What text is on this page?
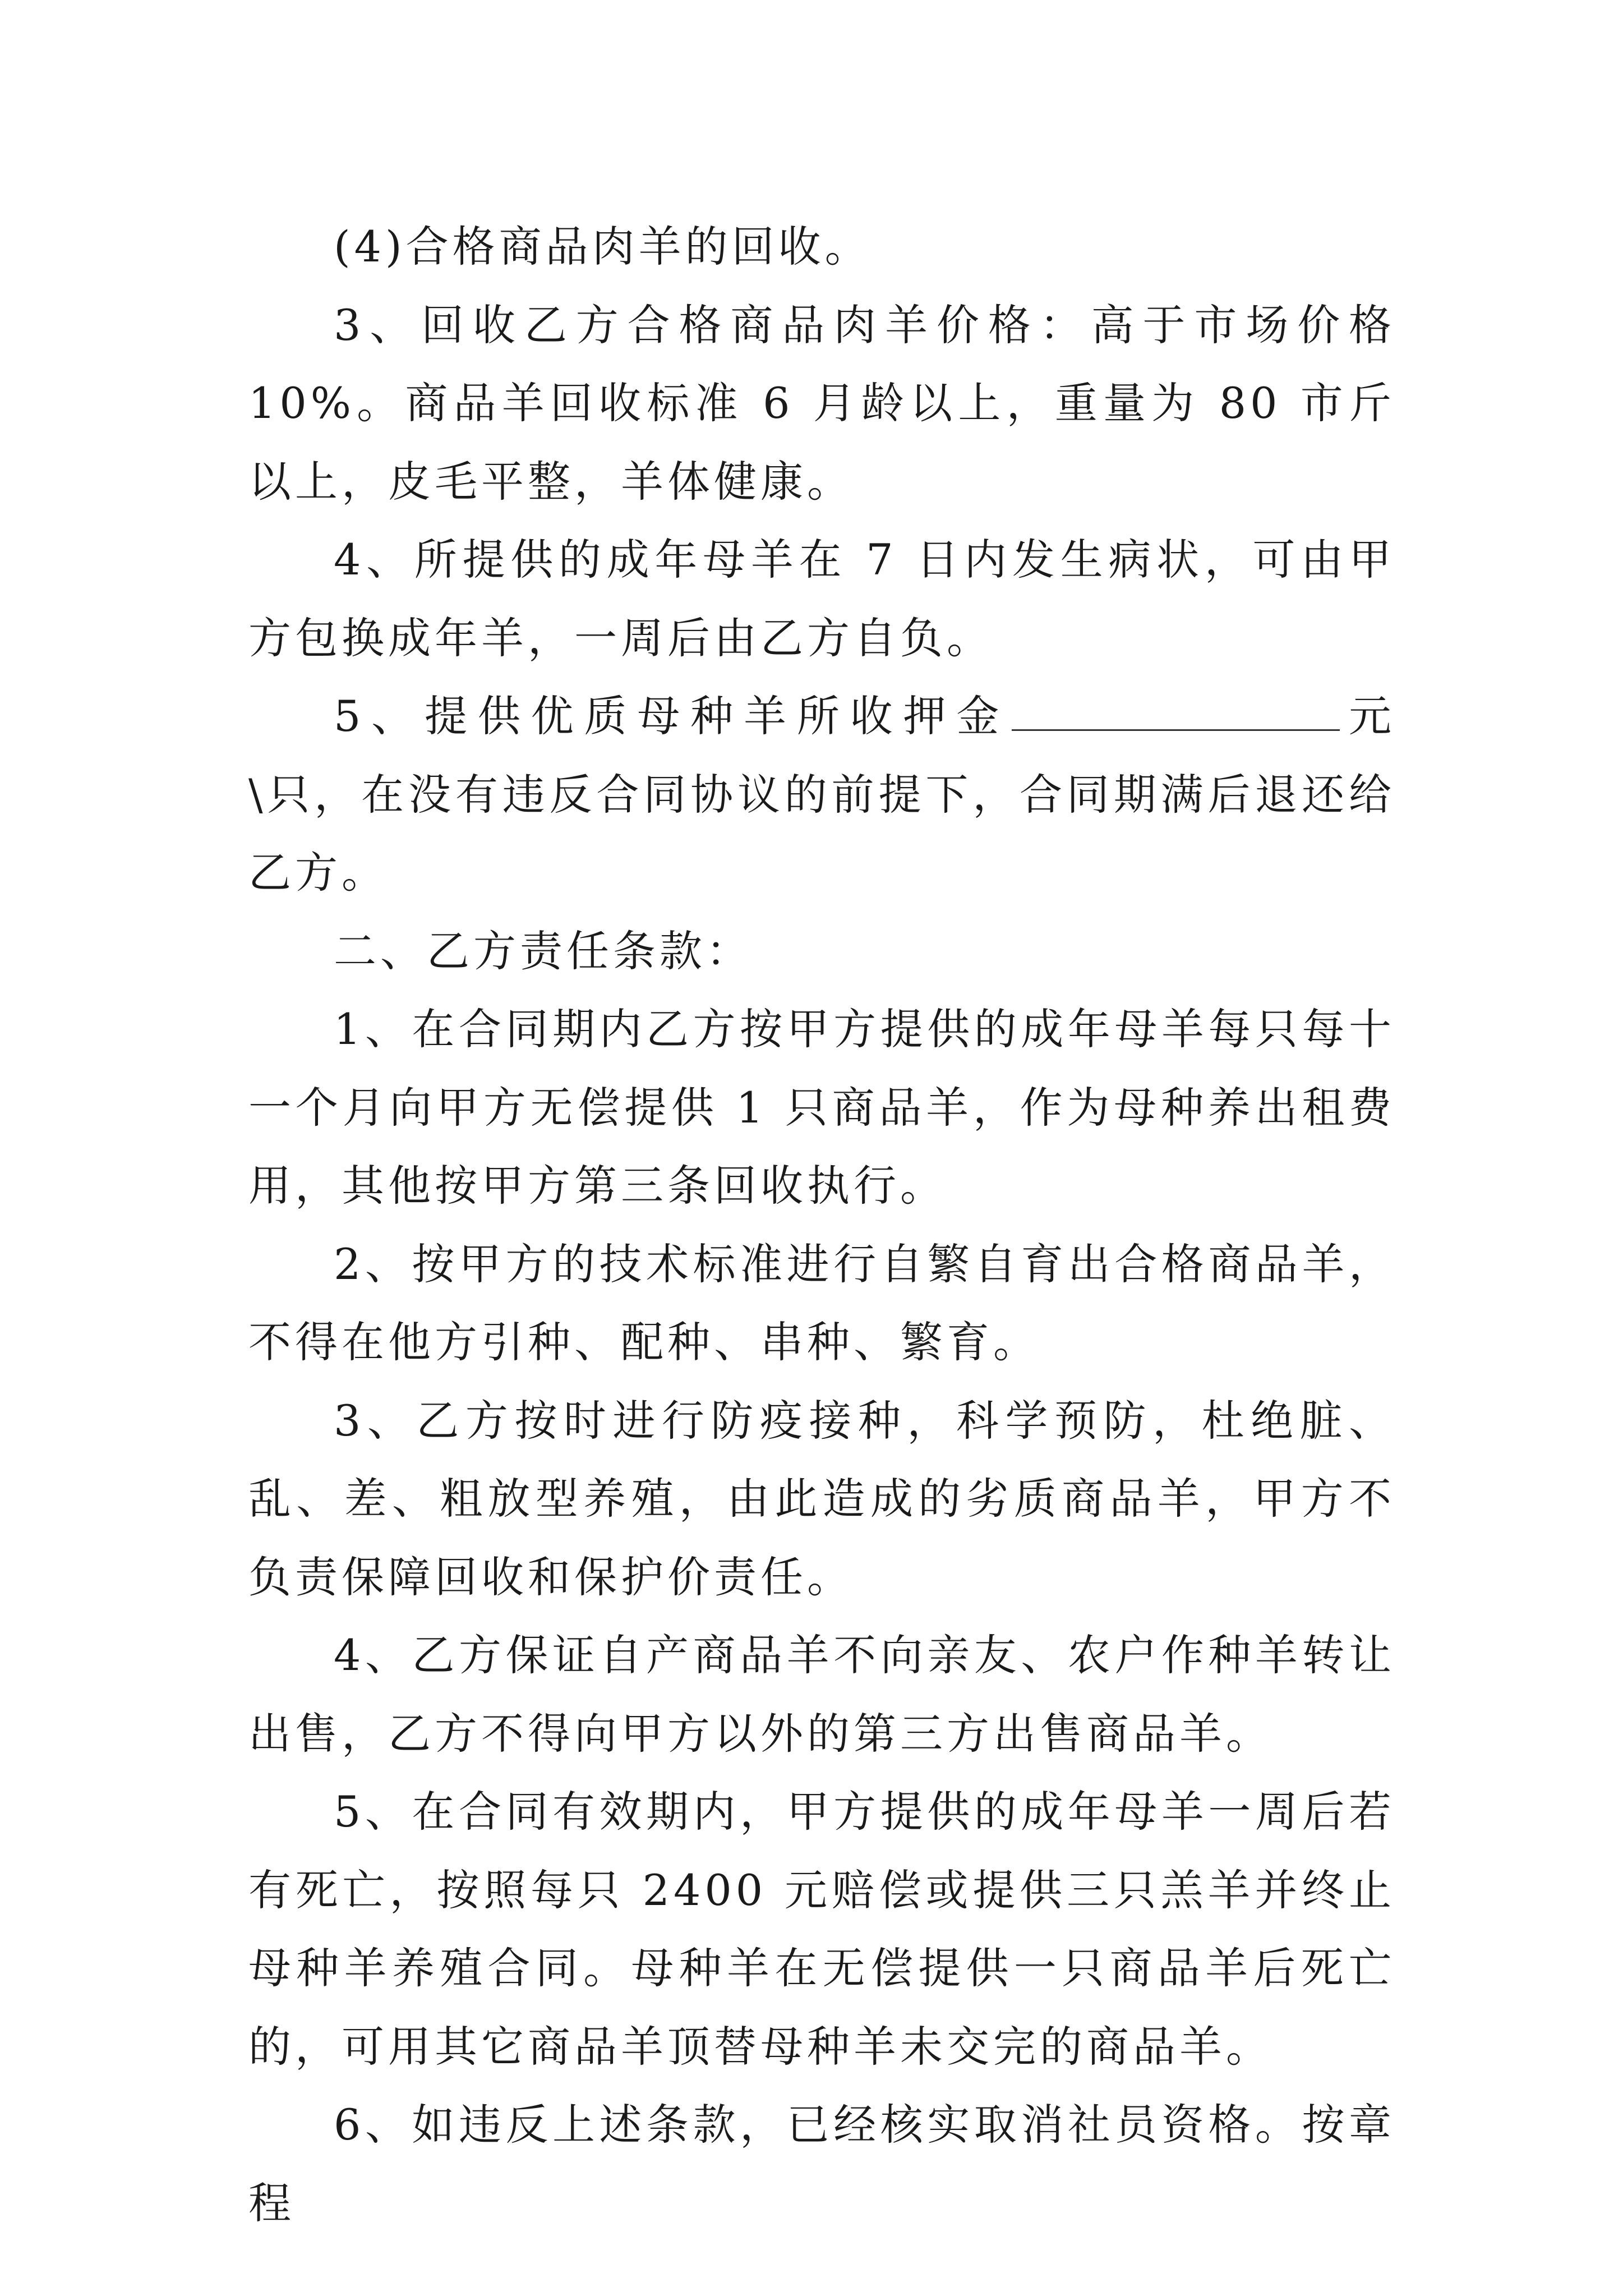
(4)合格商品肉羊的回收。

3、回收乙方合格商品肉羊价格：高于市场价格 10%。商品羊回收标准 6 月龄以上，重量为 80 市斤以上，皮毛平整，羊体健康。

4、所提供的成年母羊在 7 日内发生病状，可由甲方包换成年羊，一周后由乙方自负。

5、提供优质母种羊所收押金	元\只，在没有违反合同协议的前提下，合同期满后退还给乙方。

二、乙方责任条款：

1、在合同期内乙方按甲方提供的成年母羊每只每十一个月向甲方无偿提供 1 只商品羊，作为母种养出租费用，其他按甲方第三条回收执行。

2、按甲方的技术标准进行自繁自育出合格商品羊，不得在他方引种、配种、串种、繁育。

3、乙方按时进行防疫接种，科学预防，杜绝脏、乱、差、粗放型养殖，由此造成的劣质商品羊，甲方不负责保障回收和保护价责任。

4、乙方保证自产商品羊不向亲友、农户作种羊转让出售，乙方不得向甲方以外的第三方出售商品羊。

5、在合同有效期内，甲方提供的成年母羊一周后若有死亡，按照每只 2400 元赔偿或提供三只羔羊并终止母种羊养殖合同。母种羊在无偿提供一只商品羊后死亡的，可用其它商品羊顶替母种羊未交完的商品羊。

6、如违反上述条款，已经核实取消社员资格。按章程
